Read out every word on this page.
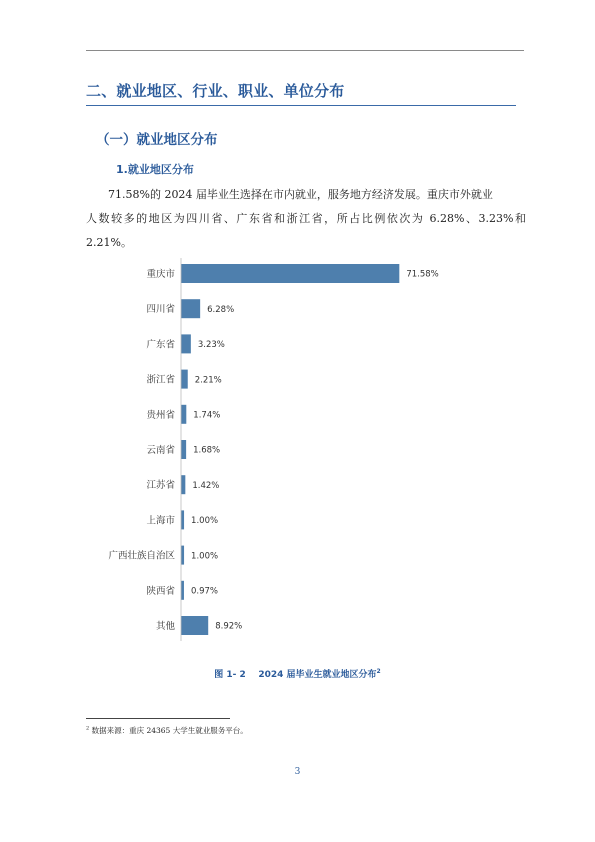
二、就业地区、行业、职业、单位分布
（一）就业地区分布
1.就业地区分布
71.58%的 2024 届毕业生选择在市内就业，服务地方经济发展。重庆市外就业
人数较多的地区为四川省、广东省和浙江省，所占比例依次为 6.28%、3.23%和 2.21%。
重庆市	71.58%
四川省	6.28%
广东省	3.23%
浙江省 2.21%
贵州省 1.74%
云南省 1.68%
江苏省 1.42%
上海市 1.00%
广西壮族自治区 1.00%
陕西省 0.97%
其他	8.92%
图 1- 2 2024 届毕业生就业地区分布$^2$
$^2$ 数据来源：重庆 24365 大学生就业服务平台。
3
